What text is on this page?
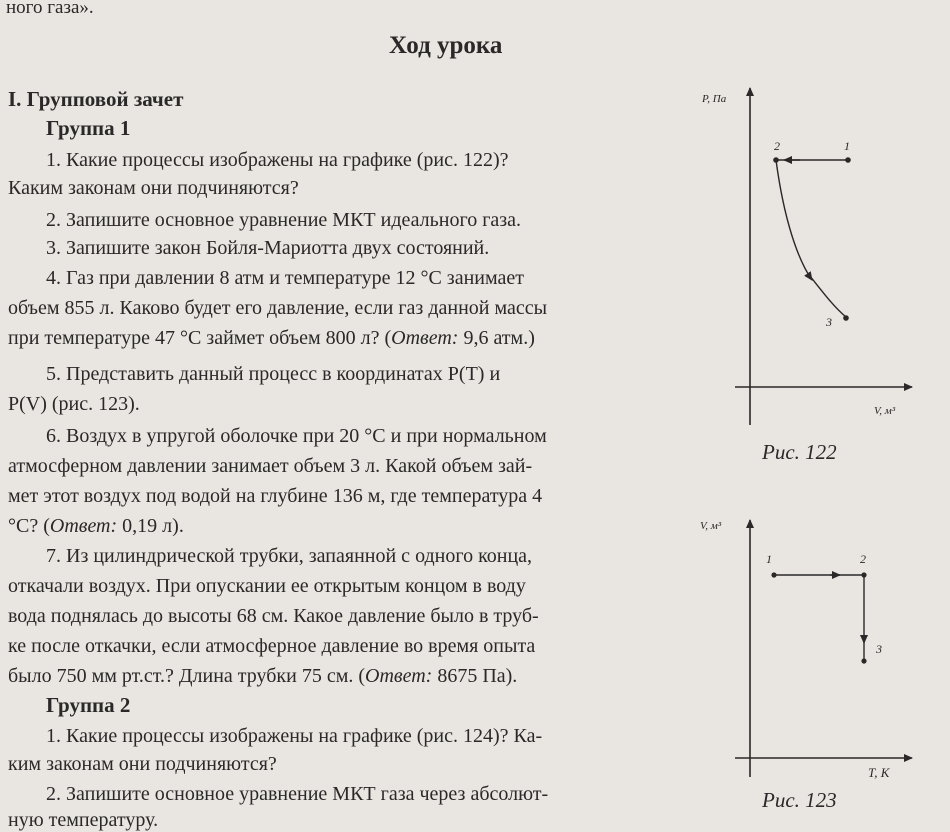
ного газа».
Ход урока
I. Групповой зачет
Группа 1
1. Какие процессы изображены на графике (рис. 122)?
Каким законам они подчиняются?
2. Запишите основное уравнение МКТ идеального газа.
3. Запишите закон Бойля-Мариотта двух состояний.
4. Газ при давлении 8 атм и температуре 12 °С занимает
объем 855 л. Каково будет его давление, если газ данной массы
при температуре 47 °С займет объем 800 л? (Ответ: 9,6 атм.)
5. Представить данный процесс в координатах Р(Т) и
Р(V) (рис. 123).
6. Воздух в упругой оболочке при 20 °С и при нормальном
атмосферном давлении занимает объем 3 л. Какой объем зай-
мет этот воздух под водой на глубине 136 м, где температура 4
°С? (Ответ: 0,19 л).
7. Из цилиндрической трубки, запаянной с одного конца,
откачали воздух. При опускании ее открытым концом в воду
вода поднялась до высоты 68 см. Какое давление было в труб-
ке после откачки, если атмосферное давление во время опыта
было 750 мм рт.ст.? Длина трубки 75 см. (Ответ: 8675 Па).
Группа 2
1. Какие процессы изображены на графике (рис. 124)? Ка-
ким законам они подчиняются?
2. Запишите основное уравнение МКТ газа через абсолют-
ную температуру.
P, Па
V, м³
1
2
3
Рис. 122
V, м³
T, K
1	2
3
Рис. 123
